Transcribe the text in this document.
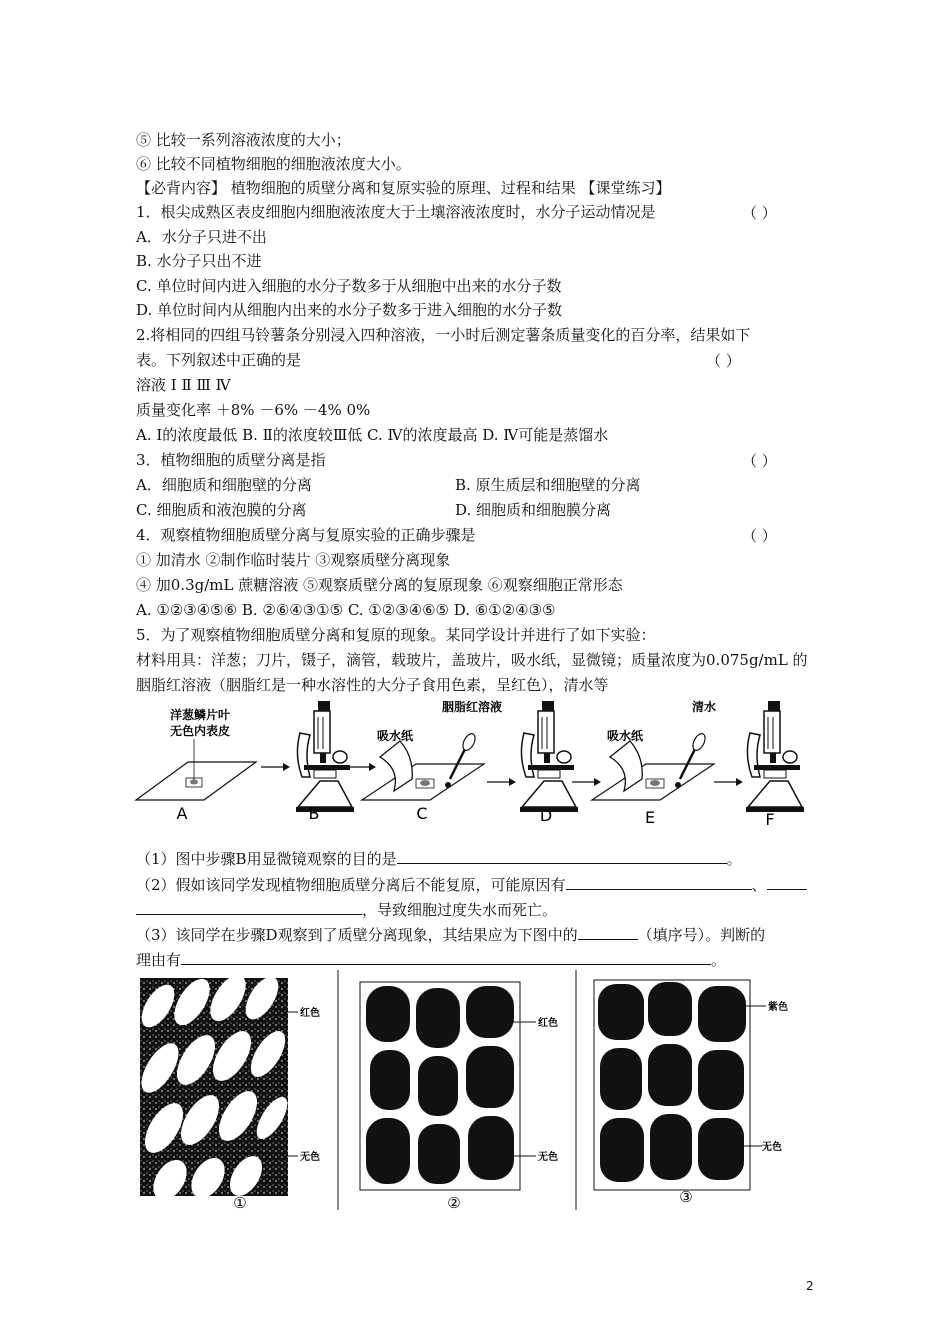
⑤ 比较一系列溶液浓度的大小；
⑥ 比较不同植物细胞的细胞液浓度大小。
【必背内容】 植物细胞的质壁分离和复原实验的原理、过程和结果 【课堂练习】
1．根尖成熟区表皮细胞内细胞液浓度大于土壤溶液浓度时，水分子运动情况是	（ ）
A．水分子只进不出
B. 水分子只出不进
C. 单位时间内进入细胞的水分子数多于从细胞中出来的水分子数
D. 单位时间内从细胞内出来的水分子数多于进入细胞的水分子数
2.将相同的四组马铃薯条分别浸入四种溶液，一小时后测定薯条质量变化的百分率，结果如下
表。下列叙述中正确的是	（ ）
溶液 Ⅰ Ⅱ Ⅲ Ⅳ
质量变化率 ＋8% －6% －4% 0%
A. Ⅰ的浓度最低 B. Ⅱ的浓度较Ⅲ低 C. Ⅳ的浓度最高 D. Ⅳ可能是蒸馏水
3．植物细胞的质壁分离是指	（ ）
A．细胞质和细胞壁的分离	B. 原生质层和细胞壁的分离
C. 细胞质和液泡膜的分离	D. 细胞质和细胞膜分离
4．观察植物细胞质壁分离与复原实验的正确步骤是	（ ）
① 加清水 ②制作临时装片 ③观察质壁分离现象
④ 加0.3g/mL 蔗糖溶液 ⑤观察质壁分离的复原现象 ⑥观察细胞正常形态
A. ①②③④⑤⑥ B. ②⑥④③①⑤ C. ①②③④⑥⑤ D. ⑥①②④③⑤
5．为了观察植物细胞质壁分离和复原的现象。某同学设计并进行了如下实验：
材料用具：洋葱；刀片，镊子，滴管，载玻片，盖玻片，吸水纸，显微镜；质量浓度为0.075g/mL 的
胭脂红溶液（胭脂红是一种水溶性的大分子食用色素，呈红色），清水等
洋葱鳞片叶
无色内表皮
A	B
吸水纸
胭脂红溶液
C	D
吸水纸
清水
E	F
（1）图中步骤B用显微镜观察的目的是	。
（2）假如该同学发现植物细胞质壁分离后不能复原，可能原因有	、
，导致细胞过度失水而死亡。
（3）该同学在步骤D观察到了质壁分离现象，其结果应为下图中的	（填序号）。判断的
理由有	。
红色
无色
①
红色
无色
②
紫色
无色
③
2
